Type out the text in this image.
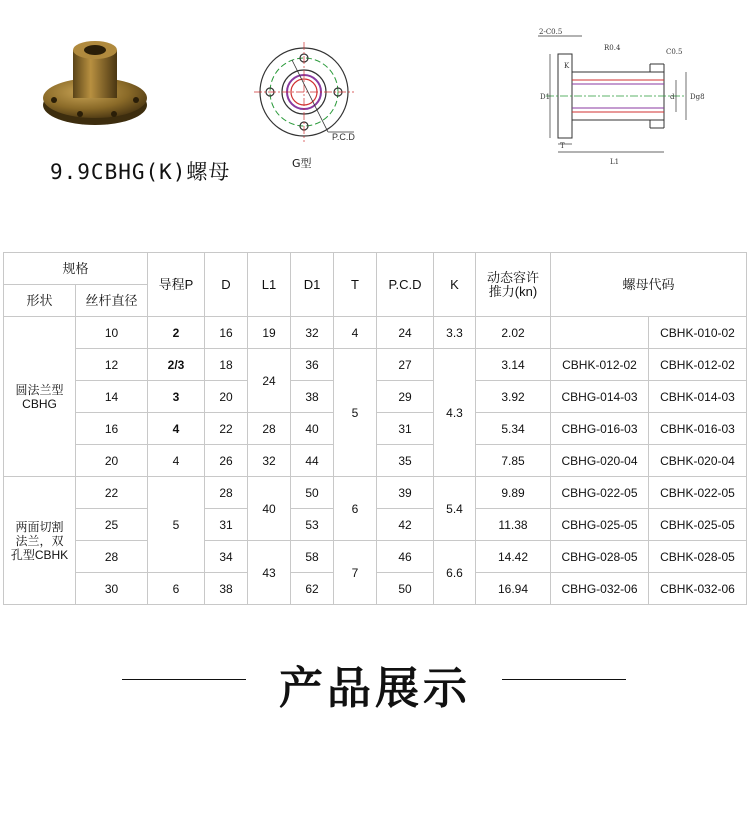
9.9CBHG(K)螺母
P.C.D
G型
2-C0.5
R0.4	C0.5
K
D1	d Dg8
T
L1
规格		导程P	D	L1	D1	T	P.C.D	K	动态容许
推力(kn)	螺母代码	
形状	丝杆直径										
圆法兰型
CBHG	10	2	16	19	32	4	24	3.3	2.02		CBHK-010-02
	12	2/3	18	24	36	5	27	4.3	3.14	CBHK-012-02	CBHK-012-02
	14	3	20		38		29		3.92	CBHG-014-03	CBHK-014-03
	16	4	22	28	40		31		5.34	CBHG-016-03	CBHK-016-03
	20	4	26	32	44		35		7.85	CBHG-020-04	CBHK-020-04
两面切割
法兰，双
孔型CBHK	22	5	28	40	50	6	39	5.4	9.89	CBHG-022-05	CBHK-022-05
	25		31		53		42		11.38	CBHG-025-05	CBHK-025-05
	28		34	43	58	7	46	6.6	14.42	CBHG-028-05	CBHK-028-05
	30	6	38		62		50		16.94	CBHG-032-06	CBHK-032-06
产品展示
